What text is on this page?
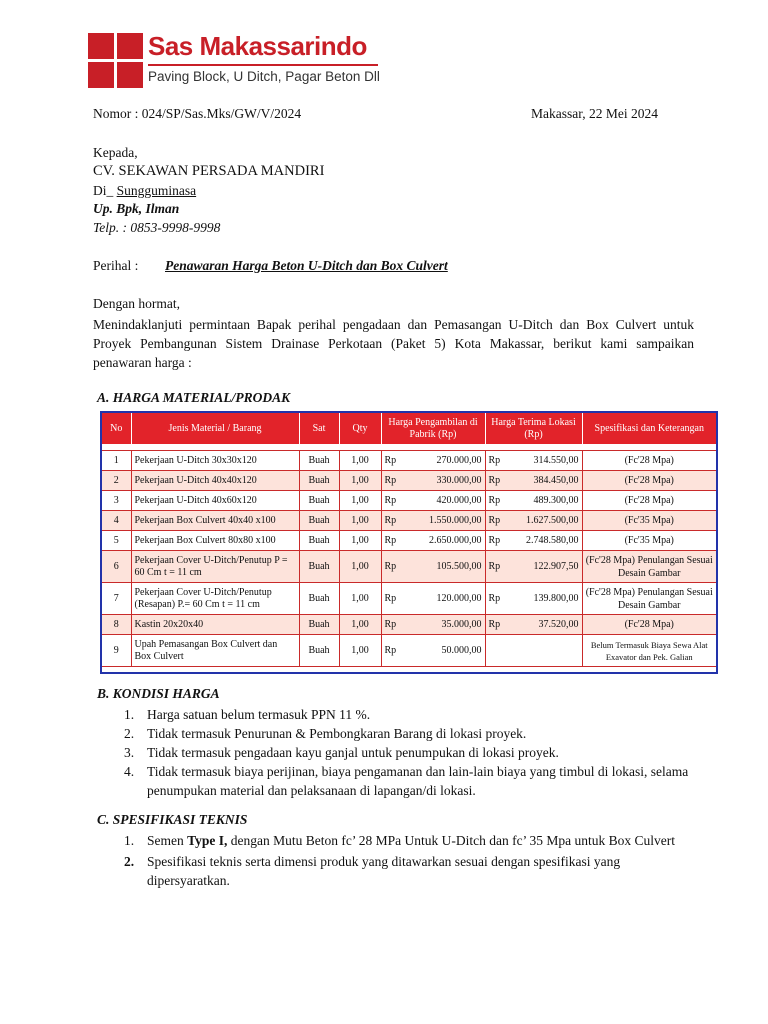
Sas Makassarindo
Paving Block, U Ditch, Pagar Beton Dll
Nomor : 024/SP/Sas.Mks/GW/V/2024	Makassar, 22 Mei 2024
Kepada,
CV. SEKAWAN PERSADA MANDIRI
Di_ Sungguminasa
Up. Bpk, Ilman
Telp. : 0853-9998-9998
Perihal : Penawaran Harga Beton U-Ditch dan Box Culvert
Dengan hormat,
Menindaklanjuti permintaan Bapak perihal pengadaan dan Pemasangan U-Ditch dan Box Culvert untuk Proyek Pembangunan Sistem Drainase Perkotaan (Paket 5) Kota Makassar, berikut kami sampaikan penawaran harga :
A. HARGA MATERIAL/PRODAK
No	Jenis Material / Barang	Sat	Qty	Harga Pengambilan di Pabrik (Rp)	Harga Terima Lokasi (Rp)	Spesifikasi dan Keterangan

1	Pekerjaan U-Ditch 30x30x120	Buah	1,00	Rp 270.000,00	Rp 314.550,00	(Fc'28 Mpa)
2	Pekerjaan U-Ditch 40x40x120	Buah	1,00	Rp 330.000,00	Rp 384.450,00	(Fc'28 Mpa)
3	Pekerjaan U-Ditch 40x60x120	Buah	1,00	Rp 420.000,00	Rp 489.300,00	(Fc'28 Mpa)
4	Pekerjaan Box Culvert 40x40 x100	Buah	1,00	Rp 1.550.000,00	Rp 1.627.500,00	(Fc'35 Mpa)
5	Pekerjaan Box Culvert 80x80 x100	Buah	1,00	Rp 2.650.000,00	Rp 2.748.580,00	(Fc'35 Mpa)
6	Pekerjaan Cover U-Ditch/Penutup P = 60 Cm t = 11 cm	Buah	1,00	Rp 105.500,00	Rp 122.907,50	(Fc'28 Mpa) Penulangan Sesuai Desain Gambar
7	Pekerjaan Cover U-Ditch/Penutup (Resapan) P.= 60 Cm t = 11 cm	Buah	1,00	Rp 120.000,00	Rp 139.800,00	(Fc'28 Mpa) Penulangan Sesuai Desain Gambar
8	Kastin 20x20x40	Buah	1,00	Rp 35.000,00	Rp 37.520,00	(Fc'28 Mpa)
9	Upah Pemasangan Box Culvert dan Box Culvert	Buah	1,00	Rp 50.000,00		Belum Termasuk Biaya Sewa Alat Exavator dan Pek. Galian

B. KONDISI HARGA
1. Harga satuan belum termasuk PPN 11 %.
2. Tidak termasuk Penurunan & Pembongkaran Barang di lokasi proyek.
3. Tidak termasuk pengadaan kayu ganjal untuk penumpukan di lokasi proyek.
4. Tidak termasuk biaya perijinan, biaya pengamanan dan lain-lain biaya yang timbul di lokasi, selama penumpukan material dan pelaksanaan di lapangan/di lokasi.
C. SPESIFIKASI TEKNIS
1. Semen Type I, dengan Mutu Beton fc’ 28 MPa Untuk U-Ditch dan fc’ 35 Mpa untuk Box Culvert
2. Spesifikasi teknis serta dimensi produk yang ditawarkan sesuai dengan spesifikasi yang dipersyaratkan.
